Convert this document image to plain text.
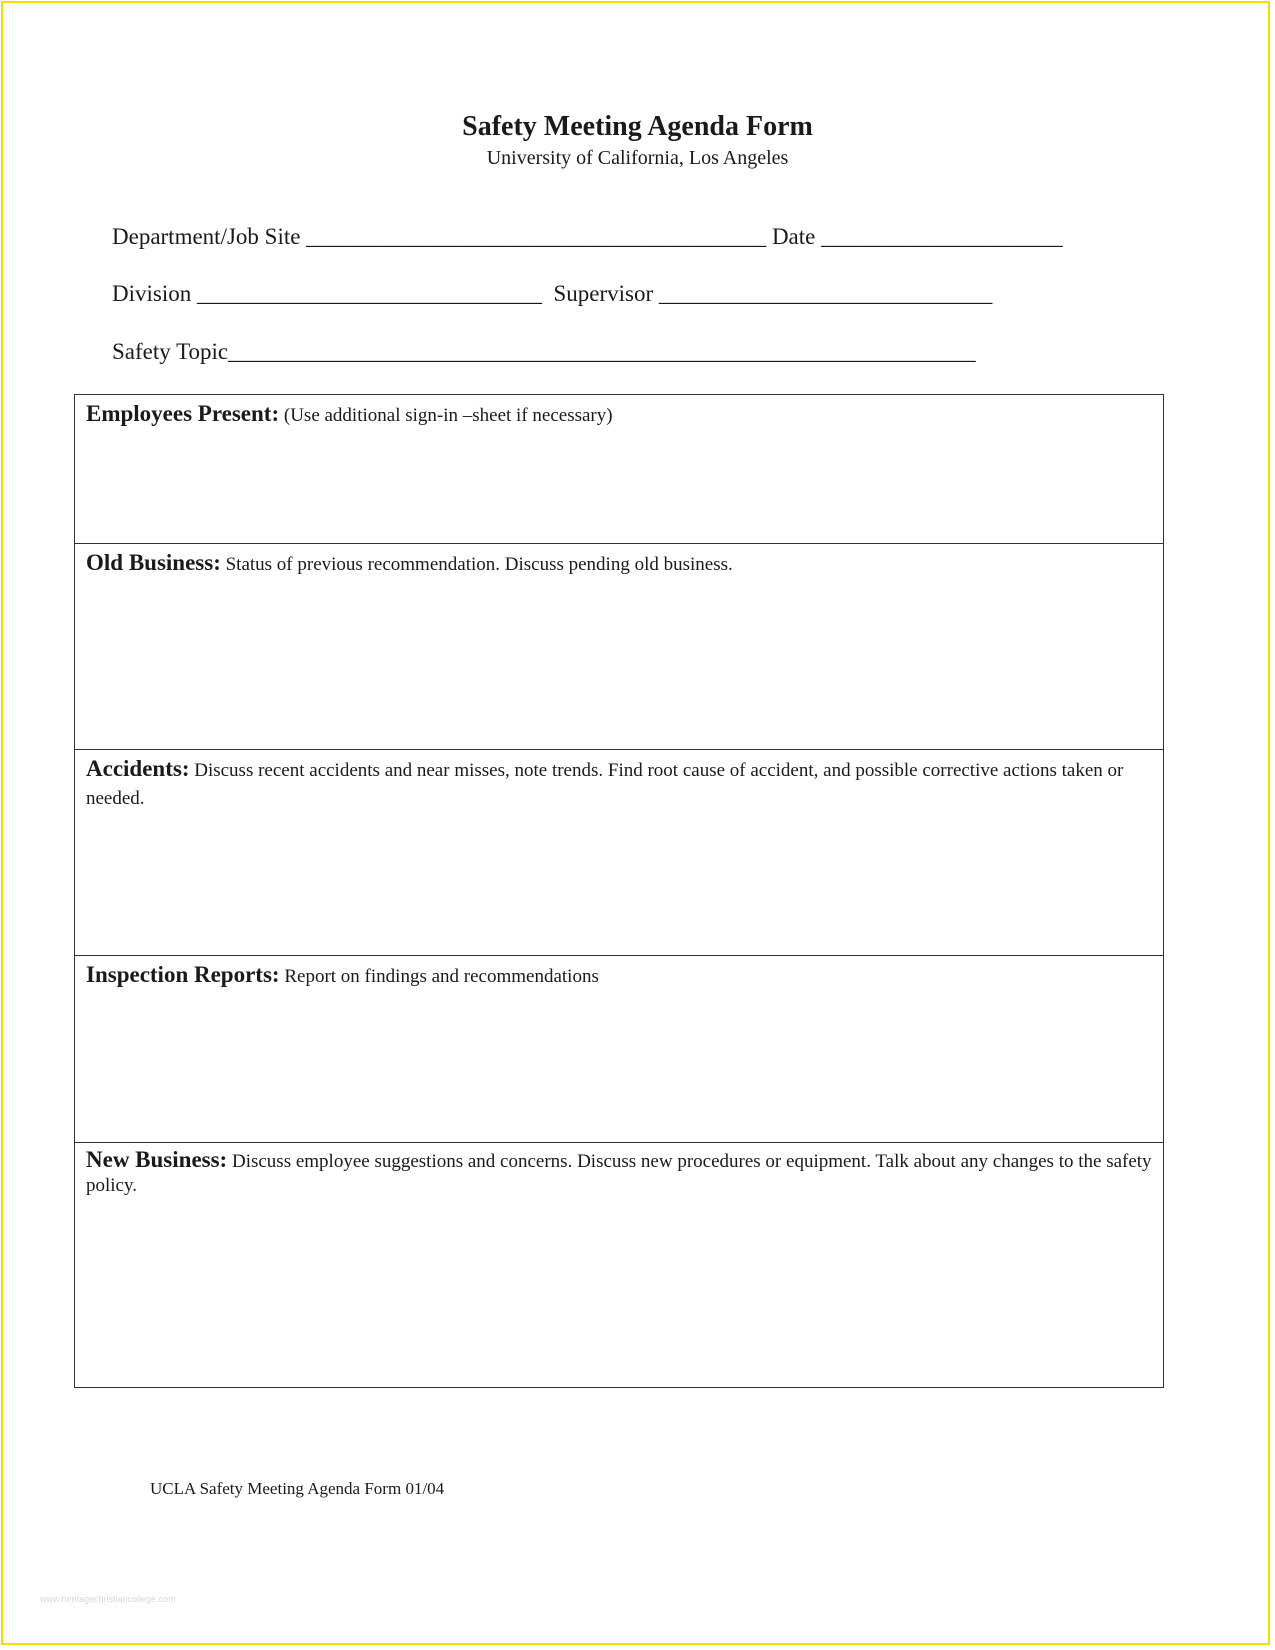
Safety Meeting Agenda Form
University of California, Los Angeles
Department/Job Site ________________________________________ Date _____________________
Division ______________________________ Supervisor _____________________________
Safety Topic_________________________________________________________________
Employees Present: (Use additional sign-in –sheet if necessary)
Old Business: Status of previous recommendation. Discuss pending old business.
Accidents: Discuss recent accidents and near misses, note trends. Find root cause of accident, and possible corrective actions taken or needed.
Inspection Reports: Report on findings and recommendations
New Business: Discuss employee suggestions and concerns. Discuss new procedures or equipment. Talk about any changes to the safety policy.
UCLA Safety Meeting Agenda Form 01/04
www.heritagechristiancollege.com
